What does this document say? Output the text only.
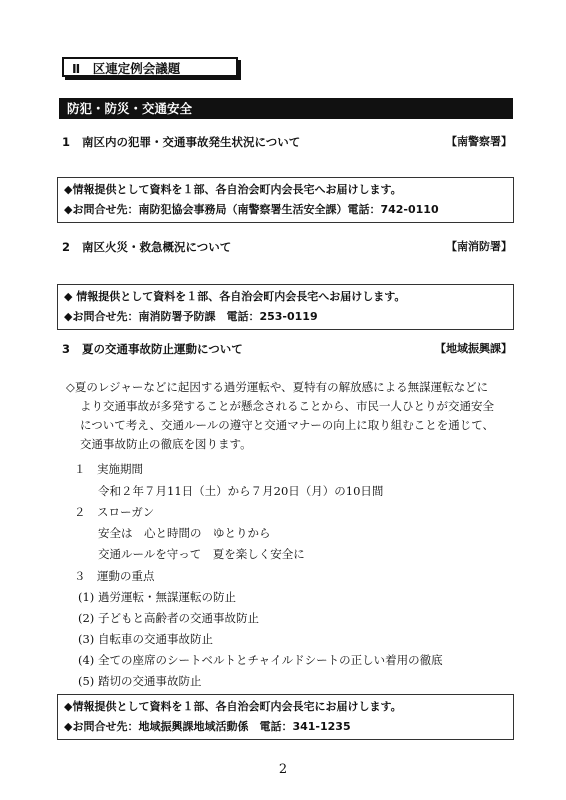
Ⅱ　区連定例会議題
防犯・防災・交通安全
1 南区内の犯罪・交通事故発生状況について	【南警察署】
◆情報提供として資料を１部、各自治会町内会長宅へお届けします。
◆お問合せ先：南防犯協会事務局（南警察署生活安全課）電話：742-0110
2 南区火災・救急概況について	【南消防署】
◆ 情報提供として資料を１部、各自治会町内会長宅へお届けします。
◆お問合せ先：南消防署予防課　電話：253-0119
3 夏の交通事故防止運動について	【地域振興課】
◇夏のレジャーなどに起因する過労運転や、夏特有の解放感による無謀運転などに
より交通事故が多発することが懸念されることから、市民一人ひとりが交通安全
について考え、交通ルールの遵守と交通マナーの向上に取り組むことを通じて、
交通事故防止の徹底を図ります。
１　実施期間
令和２年７月11日（土）から７月20日（月）の10日間
２　スローガン
安全は　心と時間の　ゆとりから
交通ルールを守って　夏を楽しく安全に
３　運動の重点
(1) 過労運転・無謀運転の防止
(2) 子どもと高齢者の交通事故防止
(3) 自転車の交通事故防止
(4) 全ての座席のシートベルトとチャイルドシートの正しい着用の徹底
(5) 踏切の交通事故防止
◆情報提供として資料を１部、各自治会町内会長宅にお届けします。
◆お問合せ先：地域振興課地域活動係　電話：341-1235
2
